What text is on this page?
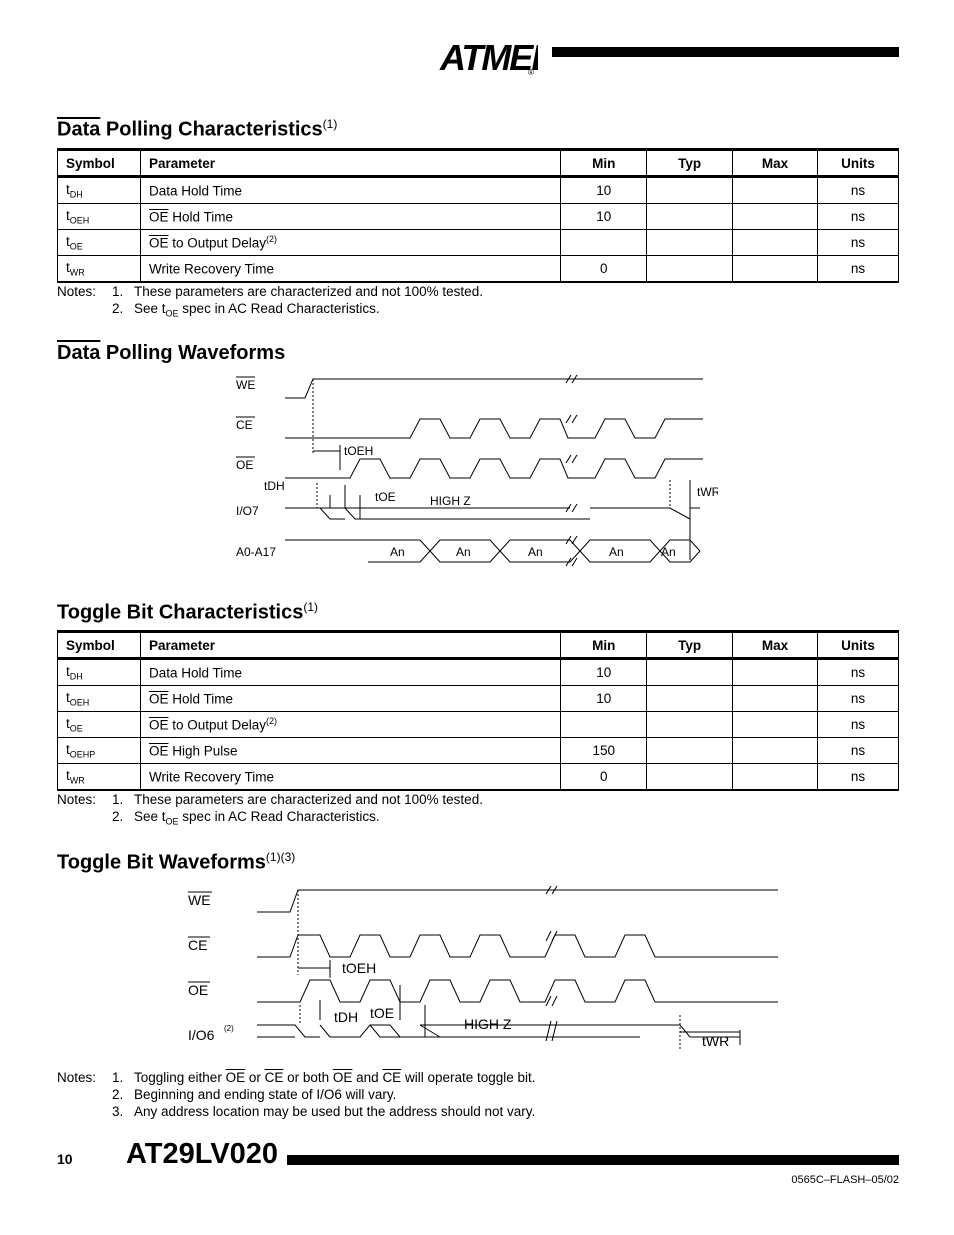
ATME
®
Data Polling Characteristics$^{(1)}$
Symbol	Parameter	Min	Typ	Max	Units
$t_{DH}$	Data Hold Time	10			ns
$t_{OEH}$	$\overline{OE}$ Hold Time	10			ns
$t_{OE}$	$\overline{OE}$ to Output Delay$^{(2)}$				ns
$t_{WR}$	Write Recovery Time	0			ns
Notes:	1. These parameters are characterized and not 100% tested.
2. See $t_{OE}$ spec in AC Read Characteristics.
Data Polling Waveforms
WE
CE
OE
I/O7
A0-A17
tOEH
tDH
tOE	HIGH Z
tWR
An	An	An	An	An
Toggle Bit Characteristics$^{(1)}$
Symbol	Parameter	Min	Typ	Max	Units
$t_{DH}$	Data Hold Time	10			ns
$t_{OEH}$	$\overline{OE}$ Hold Time	10			ns
$t_{OE}$	$\overline{OE}$ to Output Delay$^{(2)}$				ns
$t_{OEHP}$	$\overline{OE}$ High Pulse	150			ns
$t_{WR}$	Write Recovery Time	0			ns
Notes:	1. These parameters are characterized and not 100% tested.
2. See $t_{OE}$ spec in AC Read Characteristics.
Toggle Bit Waveforms$^{(1)(3)}$
WE
CE
OE
I/O6 (2)
tOEH
tDH tOE
HIGH Z
tWR
Notes:	1. Toggling either $\overline{OE}$ or $\overline{CE}$ or both $\overline{OE}$ and $\overline{CE}$ will operate toggle bit.
2. Beginning and ending state of I/O6 will vary.
3. Any address location may be used but the address should not vary.
10 AT29LV020
0565C–FLASH–05/02
